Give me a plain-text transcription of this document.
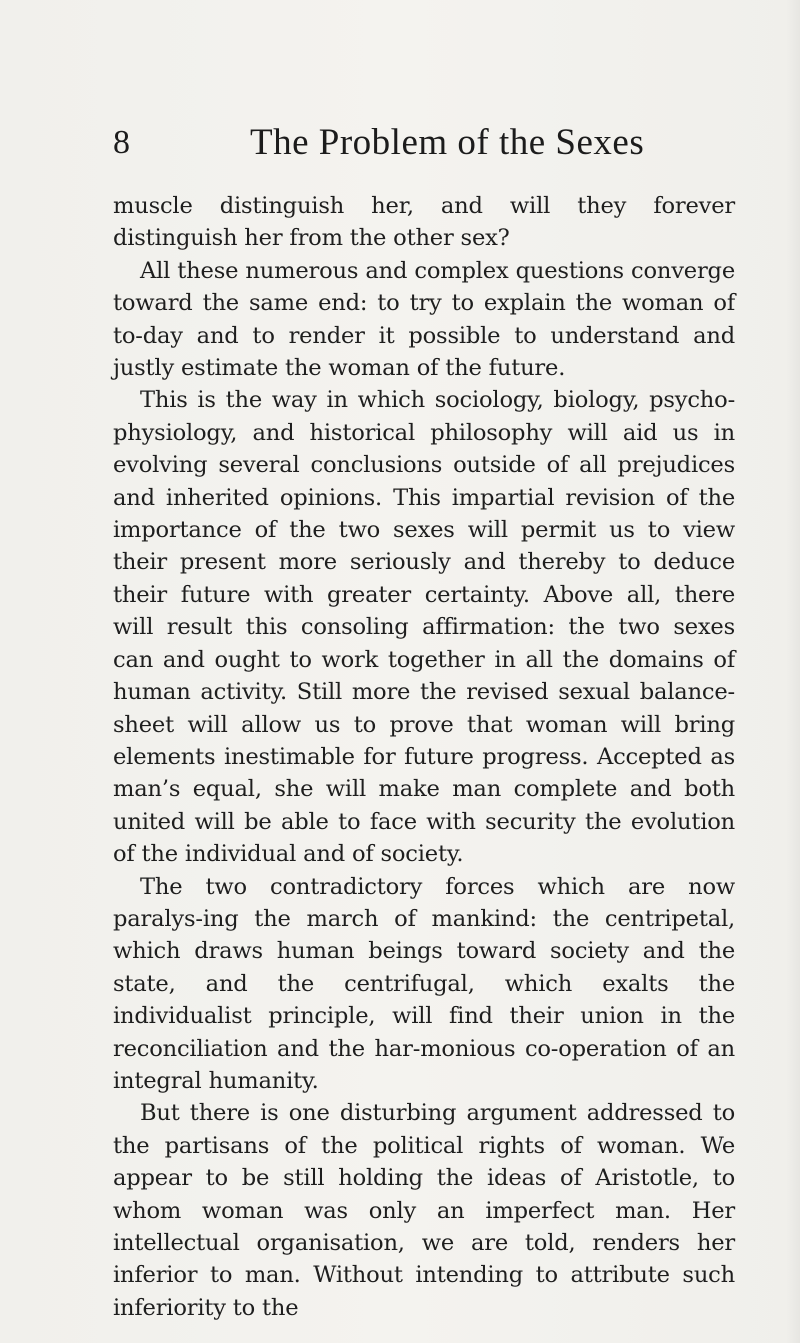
8	The Problem of the Sexes

muscle distinguish her, and will they forever distinguish her from the other sex?

All these numerous and complex questions converge toward the same end: to try to explain the woman of to-day and to render it possible to understand and justly estimate the woman of the future.

This is the way in which sociology, biology, psycho-physiology, and historical philosophy will aid us in evolving several conclusions outside of all prejudices and inherited opinions. This impartial revision of the importance of the two sexes will permit us to view their present more seriously and thereby to deduce their future with greater certainty. Above all, there will result this consoling affirmation: the two sexes can and ought to work together in all the domains of human activity. Still more the revised sexual balance-sheet will allow us to prove that woman will bring elements inestimable for future progress. Accepted as man’s equal, she will make man complete and both united will be able to face with security the evolution of the individual and of society.

The two contradictory forces which are now paralys-ing the march of mankind: the centripetal, which draws human beings toward society and the state, and the centrifugal, which exalts the individualist principle, will find their union in the reconciliation and the har-monious co-operation of an integral humanity.

But there is one disturbing argument addressed to the partisans of the political rights of woman. We appear to be still holding the ideas of Aristotle, to whom woman was only an imperfect man. Her intellectual organisation, we are told, renders her inferior to man. Without intending to attribute such inferiority to the
